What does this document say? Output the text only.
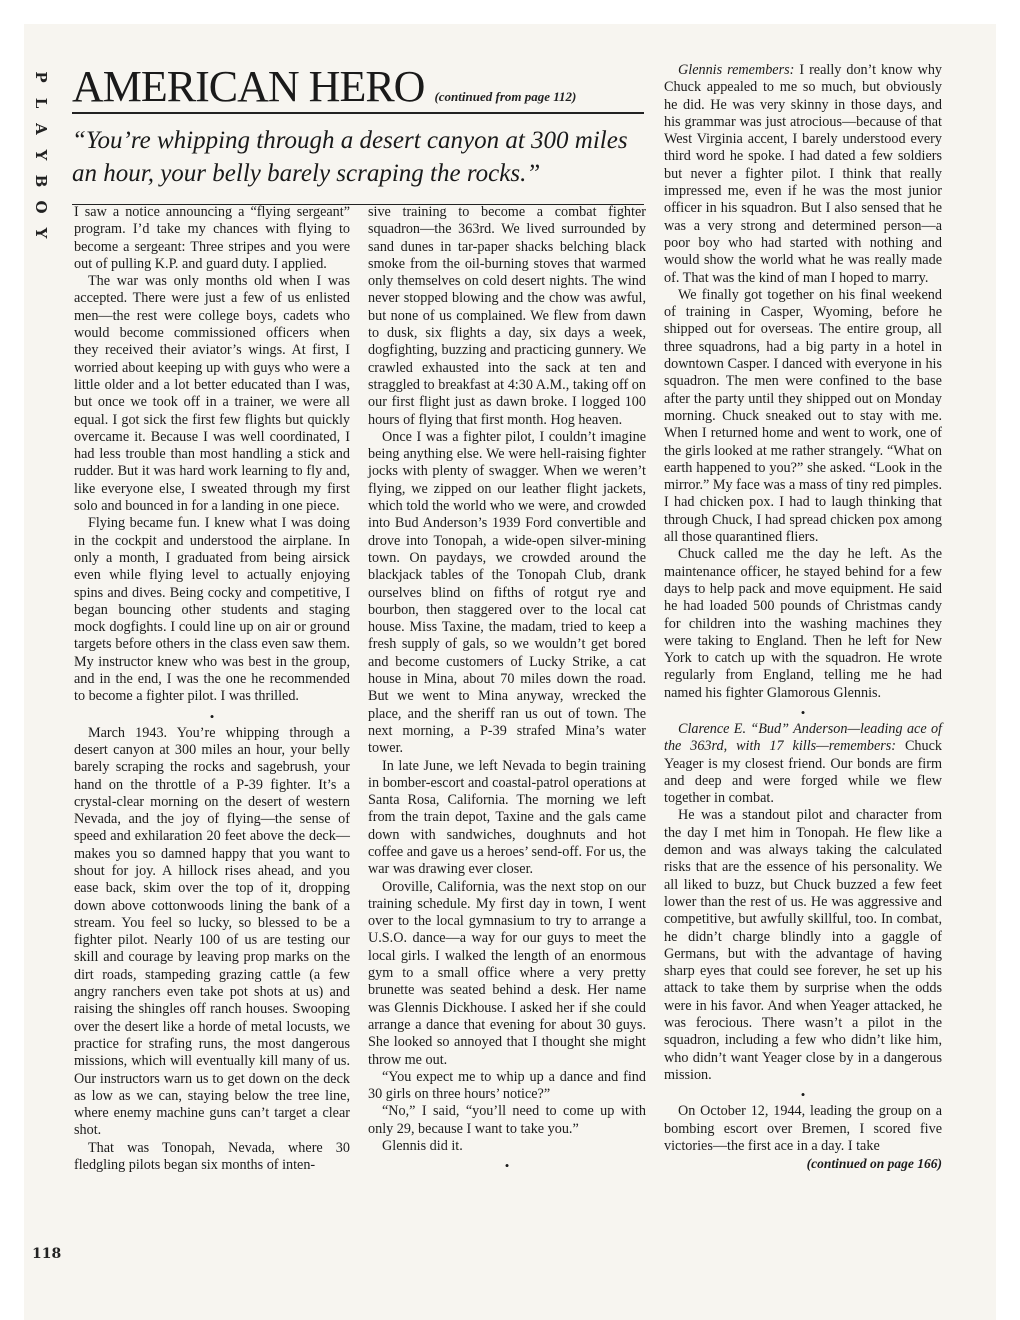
P
L
A
Y
B
O
Y
AMERICAN HERO (continued from page 112)
“You’re whipping through a desert canyon at 300 miles an hour, your belly barely scraping the rocks.”

I saw a notice announcing a “flying sergeant” program. I’d take my chances with flying to become a sergeant: Three stripes and you were out of pulling K.P. and guard duty. I applied.

The war was only months old when I was accepted. There were just a few of us enlisted men—the rest were college boys, cadets who would become commissioned officers when they received their aviator’s wings. At first, I worried about keeping up with guys who were a little older and a lot better educated than I was, but once we took off in a trainer, we were all equal. I got sick the first few flights but quickly overcame it. Because I was well coordinated, I had less trouble than most handling a stick and rudder. But it was hard work learning to fly and, like everyone else, I sweated through my first solo and bounced in for a landing in one piece.

Flying became fun. I knew what I was doing in the cockpit and understood the airplane. In only a month, I graduated from being airsick even while flying level to actually enjoying spins and dives. Being cocky and competitive, I began bouncing other students and staging mock dogfights. I could line up on air or ground targets before others in the class even saw them. My instructor knew who was best in the group, and in the end, I was the one he recommended to become a fighter pilot. I was thrilled.

•

March 1943. You’re whipping through a desert canyon at 300 miles an hour, your belly barely scraping the rocks and sagebrush, your hand on the throttle of a P-39 fighter. It’s a crystal-clear morning on the desert of western Nevada, and the joy of flying—the sense of speed and exhilaration 20 feet above the deck—makes you so damned happy that you want to shout for joy. A hillock rises ahead, and you ease back, skim over the top of it, dropping down above cottonwoods lining the bank of a stream. You feel so lucky, so blessed to be a fighter pilot. Nearly 100 of us are testing our skill and courage by leaving prop marks on the dirt roads, stampeding grazing cattle (a few angry ranchers even take pot shots at us) and raising the shingles off ranch houses. Swooping over the desert like a horde of metal locusts, we practice for strafing runs, the most dangerous missions, which will eventually kill many of us. Our instructors warn us to get down on the deck as low as we can, staying below the tree line, where enemy machine guns can’t target a clear shot.

That was Tonopah, Nevada, where 30 fledgling pilots began six months of inten-

sive training to become a combat fighter squadron—the 363rd. We lived surrounded by sand dunes in tar-paper shacks belching black smoke from the oil-burning stoves that warmed only themselves on cold desert nights. The wind never stopped blowing and the chow was awful, but none of us complained. We flew from dawn to dusk, six flights a day, six days a week, dogfighting, buzzing and practicing gunnery. We crawled exhausted into the sack at ten and straggled to breakfast at 4:30 A.M., taking off on our first flight just as dawn broke. I logged 100 hours of flying that first month. Hog heaven.

Once I was a fighter pilot, I couldn’t imagine being anything else. We were hell-raising fighter jocks with plenty of swagger. When we weren’t flying, we zipped on our leather flight jackets, which told the world who we were, and crowded into Bud Anderson’s 1939 Ford convertible and drove into Tonopah, a wide-open silver-mining town. On paydays, we crowded around the blackjack tables of the Tonopah Club, drank ourselves blind on fifths of rotgut rye and bourbon, then staggered over to the local cat house. Miss Taxine, the madam, tried to keep a fresh supply of gals, so we wouldn’t get bored and become customers of Lucky Strike, a cat house in Mina, about 70 miles down the road. But we went to Mina anyway, wrecked the place, and the sheriff ran us out of town. The next morning, a P-39 strafed Mina’s water tower.

In late June, we left Nevada to begin training in bomber-escort and coastal-patrol operations at Santa Rosa, California. The morning we left from the train depot, Taxine and the gals came down with sandwiches, doughnuts and hot coffee and gave us a heroes’ send-off. For us, the war was drawing ever closer.

Oroville, California, was the next stop on our training schedule. My first day in town, I went over to the local gymnasium to try to arrange a U.S.O. dance—a way for our guys to meet the local girls. I walked the length of an enormous gym to a small office where a very pretty brunette was seated behind a desk. Her name was Glennis Dickhouse. I asked her if she could arrange a dance that evening for about 30 guys. She looked so annoyed that I thought she might throw me out.

“You expect me to whip up a dance and find 30 girls on three hours’ notice?”

“No,” I said, “you’ll need to come up with only 29, because I want to take you.”

Glennis did it.

•

Glennis remembers: I really don’t know why Chuck appealed to me so much, but obviously he did. He was very skinny in those days, and his grammar was just atrocious—because of that West Virginia accent, I barely understood every third word he spoke. I had dated a few soldiers but never a fighter pilot. I think that really impressed me, even if he was the most junior officer in his squadron. But I also sensed that he was a very strong and determined person—a poor boy who had started with nothing and would show the world what he was really made of. That was the kind of man I hoped to marry.

We finally got together on his final weekend of training in Casper, Wyoming, before he shipped out for overseas. The entire group, all three squadrons, had a big party in a hotel in downtown Casper. I danced with everyone in his squadron. The men were confined to the base after the party until they shipped out on Monday morning. Chuck sneaked out to stay with me. When I returned home and went to work, one of the girls looked at me rather strangely. “What on earth happened to you?” she asked. “Look in the mirror.” My face was a mass of tiny red pimples. I had chicken pox. I had to laugh thinking that through Chuck, I had spread chicken pox among all those quarantined fliers.

Chuck called me the day he left. As the maintenance officer, he stayed behind for a few days to help pack and move equipment. He said he had loaded 500 pounds of Christmas candy for children into the washing machines they were taking to England. Then he left for New York to catch up with the squadron. He wrote regularly from England, telling me he had named his fighter Glamorous Glennis.

•

Clarence E. “Bud” Anderson—leading ace of the 363rd, with 17 kills—remembers: Chuck Yeager is my closest friend. Our bonds are firm and deep and were forged while we flew together in combat.

He was a standout pilot and character from the day I met him in Tonopah. He flew like a demon and was always taking the calculated risks that are the essence of his personality. We all liked to buzz, but Chuck buzzed a few feet lower than the rest of us. He was aggressive and competitive, but awfully skillful, too. In combat, he didn’t charge blindly into a gaggle of Germans, but with the advantage of having sharp eyes that could see forever, he set up his attack to take them by surprise when the odds were in his favor. And when Yeager attacked, he was ferocious. There wasn’t a pilot in the squadron, including a few who didn’t like him, who didn’t want Yeager close by in a dangerous mission.

•

On October 12, 1944, leading the group on a bombing escort over Bremen, I scored five victories—the first ace in a day. I take

(continued on page 166)
118
